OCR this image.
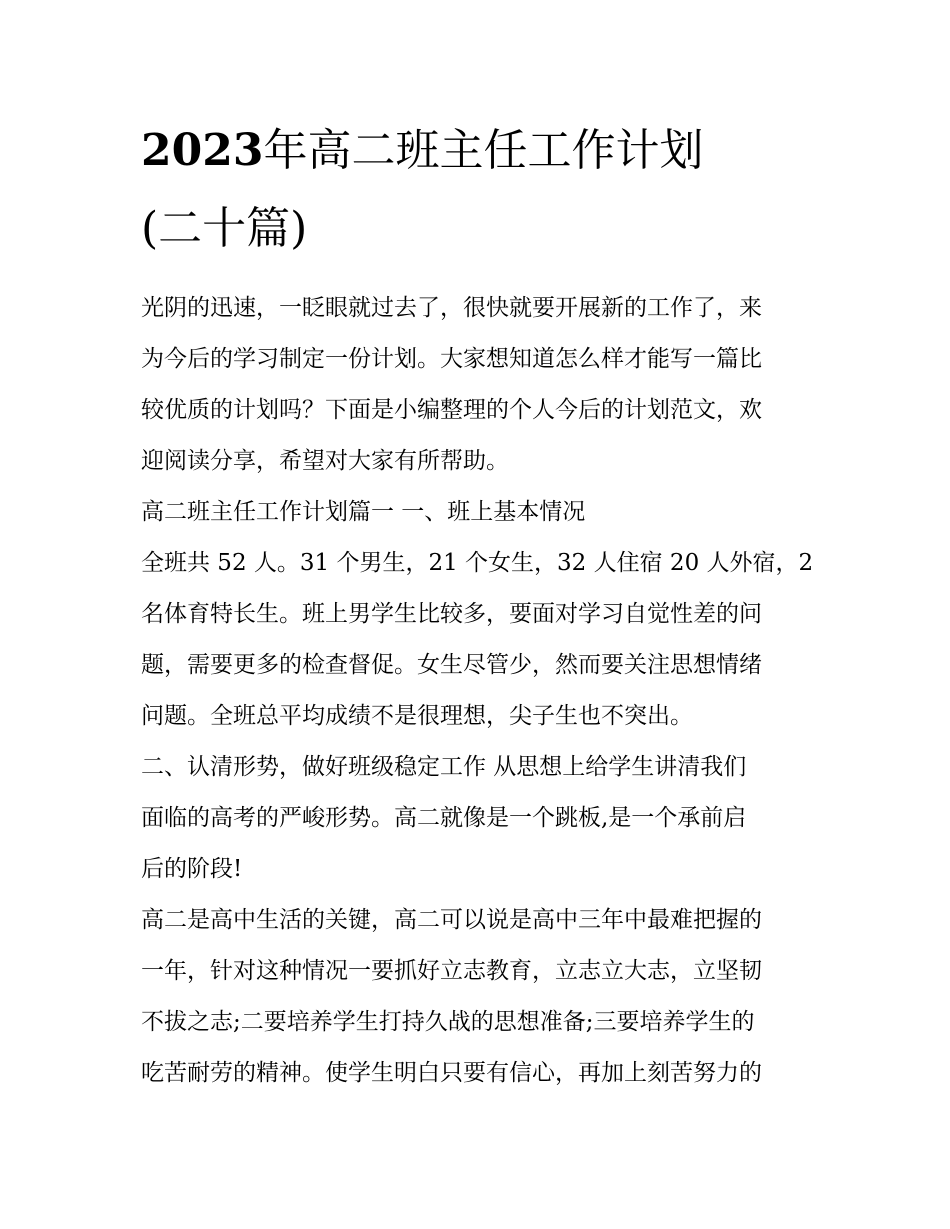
2023年高二班主任工作计划
(二十篇)
光阴的迅速，一眨眼就过去了，很快就要开展新的工作了，来
为今后的学习制定一份计划。大家想知道怎么样才能写一篇比
较优质的计划吗？下面是小编整理的个人今后的计划范文，欢
迎阅读分享，希望对大家有所帮助。
高二班主任工作计划篇一 一、班上基本情况
全班共 52 人。31 个男生，21 个女生，32 人住宿 20 人外宿，2
名体育特长生。班上男学生比较多，要面对学习自觉性差的问
题，需要更多的检查督促。女生尽管少，然而要关注思想情绪
问题。全班总平均成绩不是很理想，尖子生也不突出。
二、认清形势，做好班级稳定工作 从思想上给学生讲清我们
面临的高考的严峻形势。高二就像是一个跳板,是一个承前启
后的阶段!
高二是高中生活的关键，高二可以说是高中三年中最难把握的
一年，针对这种情况一要抓好立志教育，立志立大志，立坚韧
不拔之志;二要培养学生打持久战的思想准备;三要培养学生的
吃苦耐劳的精神。使学生明白只要有信心，再加上刻苦努力的
